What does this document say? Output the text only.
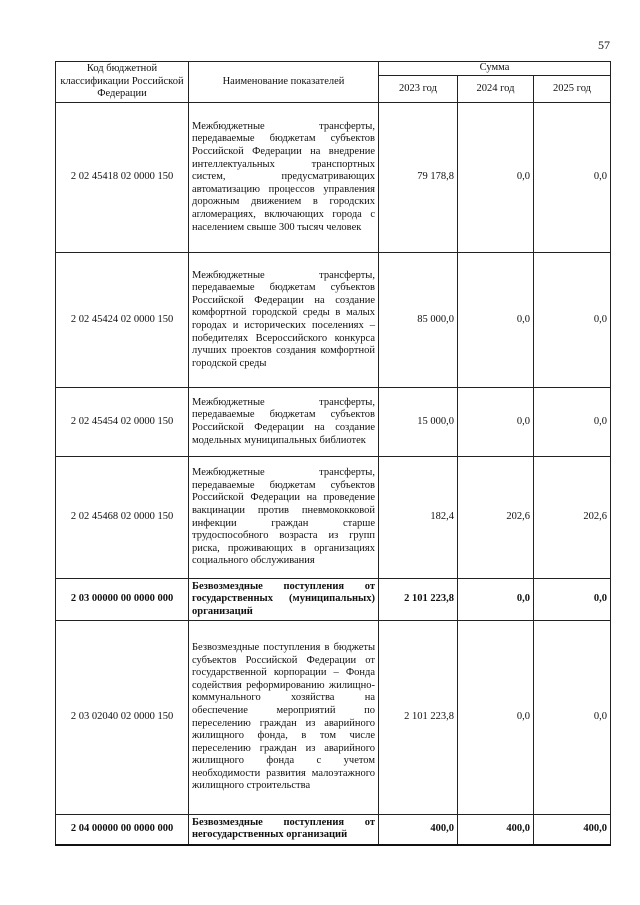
57
Код бюджетной классификации Российской Федерации	Наименование показателей	Сумма		
		2023 год	2024 год	2025 год
2 02 45418 02 0000 150	Межбюджетные трансферты, передаваемые бюджетам субъектов Российской Федерации на внедрение интеллектуальных транспортных систем, предусматривающих автоматизацию процессов управления дорожным движением в городских агломерациях, включающих города с населением свыше 300 тысяч человек	79 178,8	0,0	0,0
2 02 45424 02 0000 150	Межбюджетные трансферты, передаваемые бюджетам субъектов Российской Федерации на создание комфортной городской среды в малых городах и исторических поселениях – победителях Всероссийского конкурса лучших проектов создания комфортной городской среды	85 000,0	0,0	0,0
2 02 45454 02 0000 150	Межбюджетные трансферты, передаваемые бюджетам субъектов Российской Федерации на создание модельных муниципальных библиотек	15 000,0	0,0	0,0
2 02 45468 02 0000 150	Межбюджетные трансферты, передаваемые бюджетам субъектов Российской Федерации на проведение вакцинации против пневмококковой инфекции граждан старше трудоспособного возраста из групп риска, проживающих в организациях социального обслуживания	182,4	202,6	202,6
2 03 00000 00 0000 000	Безвозмездные поступления от государственных (муниципальных) организаций	2 101 223,8	0,0	0,0
2 03 02040 02 0000 150	Безвозмездные поступления в бюджеты субъектов Российской Федерации от государственной корпорации – Фонда содействия реформированию жилищно-коммунального хозяйства на обеспечение мероприятий по переселению граждан из аварийного жилищного фонда, в том числе переселению граждан из аварийного жилищного фонда с учетом необходимости развития малоэтажного жилищного строительства	2 101 223,8	0,0	0,0
2 04 00000 00 0000 000	Безвозмездные поступления от негосударственных организаций	400,0	400,0	400,0
